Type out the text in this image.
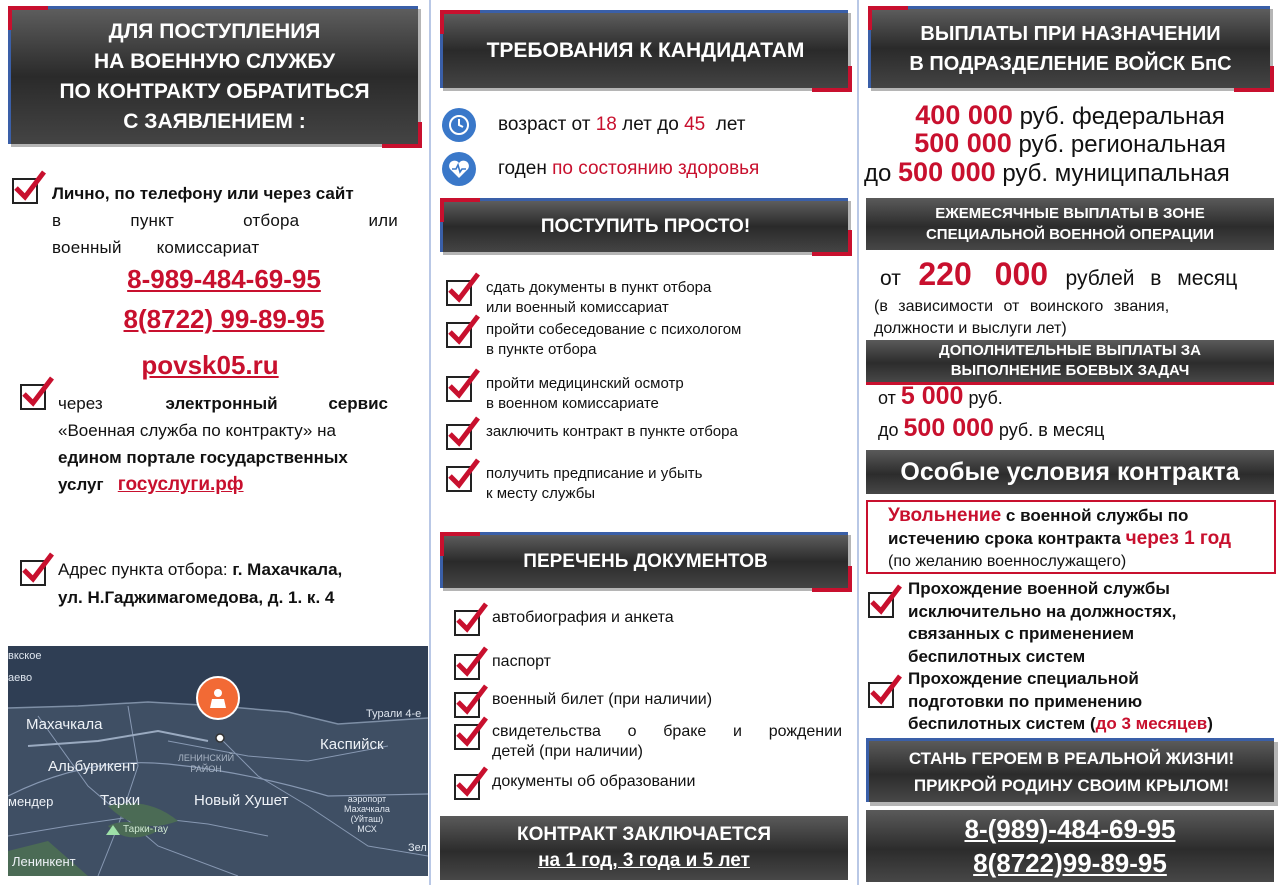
ДЛЯ ПОСТУПЛЕНИЯ
НА ВОЕННУЮ СЛУЖБУ
ПО КОНТРАКТУ ОБРАТИТЬСЯ
С ЗАЯВЛЕНИЕМ :
Лично, по телефону или через сайт
в пункт отбора или военный комиссариат
8-989-484-69-95
8(8722) 99-89-95
povsk05.ru
через	электронный сервис
«Военная служба по контракту» на
едином портале государственных
услуг госуслуги.рф
Адрес пункта отбора: г. Махачкала,
ул. Н.Гаджимагомедова, д. 1. к. 4
вкское
аево
Махачкала
Альбурикент
Тарки	Новый Хушет
Ленинкент
Каспийск
Турали 4-е
Тарки-тау
аэропорт
Махачкала
(Уйташ)
МСХ
Зел
мендер
ЛЕНИНСКИЙ
РАЙОН
ТРЕБОВАНИЯ К КАНДИДАТАМ
возраст от 18 лет до 45 лет
годен по состоянию здоровья
ПОСТУПИТЬ ПРОСТО!
сдать документы в пункт отбора
или военный комиссариат
пройти собеседование с психологом
в пункте отбора
пройти медицинский осмотр
в военном комиссариате
заключить контракт в пункте отбора
получить предписание и убыть
к месту службы
ПЕРЕЧЕНЬ ДОКУМЕНТОВ
автобиография и анкета
паспорт
военный билет (при наличии)
свидетельства о браке и рождении
детей (при наличии)
документы об образовании
КОНТРАКТ ЗАКЛЮЧАЕТСЯ
на 1 год, 3 года и 5 лет
ВЫПЛАТЫ ПРИ НАЗНАЧЕНИИ
В ПОДРАЗДЕЛЕНИЕ ВОЙСК БпС
400 000 руб. федеральная
500 000 руб. региональная
до 500 000 руб. муниципальная
ЕЖЕМЕСЯЧНЫЕ ВЫПЛАТЫ В ЗОНЕ
СПЕЦИАЛЬНОЙ ВОЕННОЙ ОПЕРАЦИИ
от 220 000 рублей в месяц
(в зависимости от воинского звания,
должности и выслуги лет)
ДОПОЛНИТЕЛЬНЫЕ ВЫПЛАТЫ ЗА
ВЫПОЛНЕНИЕ БОЕВЫХ ЗАДАЧ
от 5 000 руб.
до 500 000 руб. в месяц
Особые условия контракта
Увольнение с военной службы по
истечению срока контракта через 1 год
(по желанию военнослужащего)
Прохождение военной службы
исключительно на должностях,
связанных с применением
беспилотных систем
Прохождение специальной
подготовки по применению
беспилотных систем (до 3 месяцев)
СТАНЬ ГЕРОЕМ В РЕАЛЬНОЙ ЖИЗНИ!
ПРИКРОЙ РОДИНУ СВОИМ КРЫЛОМ!
8-(989)-484-69-95
8(8722)99-89-95
